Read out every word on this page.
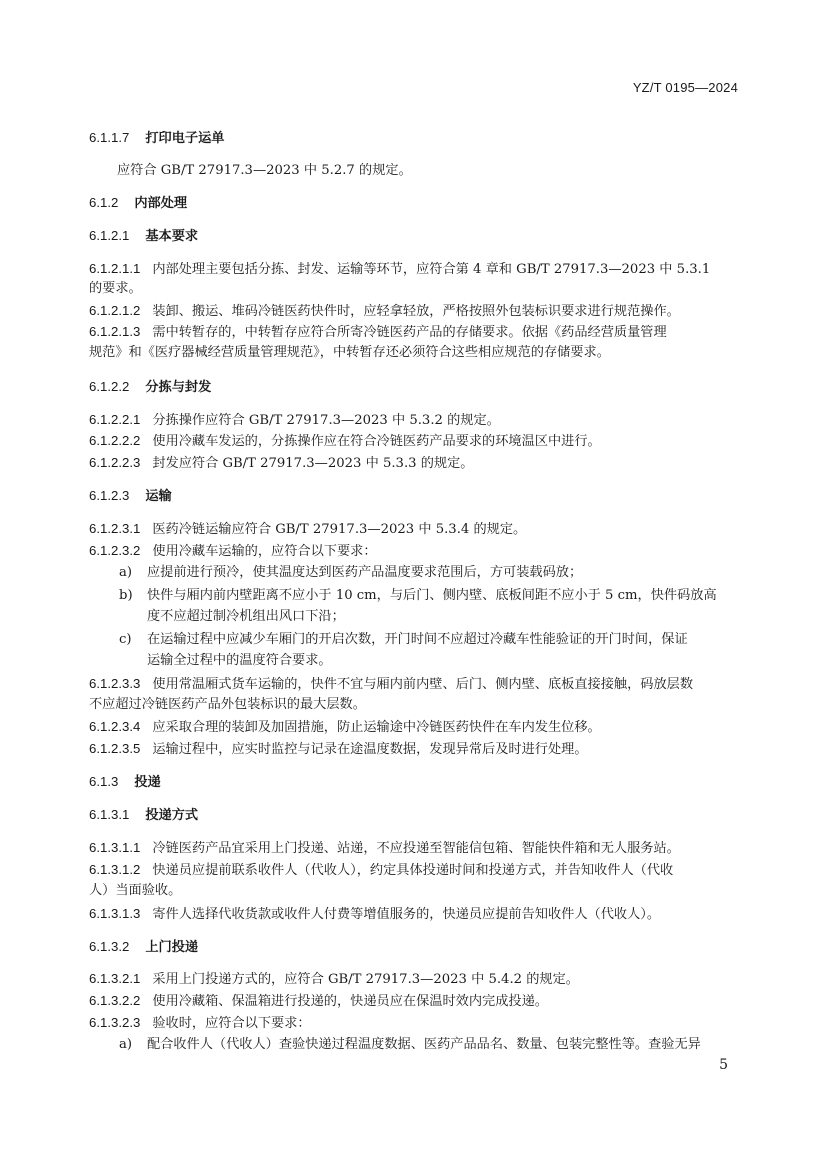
YZ/T 0195—2024
6.1.1.7 打印电子运单
应符合 GB/T 27917.3—2023 中 5.2.7 的规定。
6.1.2 内部处理
6.1.2.1 基本要求
6.1.2.1.1 内部处理主要包括分拣、封发、运输等环节，应符合第 4 章和 GB/T 27917.3—2023 中 5.3.1
的要求。
6.1.2.1.2 装卸、搬运、堆码冷链医药快件时，应轻拿轻放，严格按照外包装标识要求进行规范操作。
6.1.2.1.3 需中转暂存的，中转暂存应符合所寄冷链医药产品的存储要求。依据《药品经营质量管理
规范》和《医疗器械经营质量管理规范》，中转暂存还必须符合这些相应规范的存储要求。
6.1.2.2 分拣与封发
6.1.2.2.1 分拣操作应符合 GB/T 27917.3—2023 中 5.3.2 的规定。
6.1.2.2.2 使用冷藏车发运的，分拣操作应在符合冷链医药产品要求的环境温区中进行。
6.1.2.2.3 封发应符合 GB/T 27917.3—2023 中 5.3.3 的规定。
6.1.2.3 运输
6.1.2.3.1 医药冷链运输应符合 GB/T 27917.3—2023 中 5.3.4 的规定。
6.1.2.3.2 使用冷藏车运输的，应符合以下要求：
a) 应提前进行预冷，使其温度达到医药产品温度要求范围后，方可装载码放；
b) 快件与厢内前内壁距离不应小于 10 cm，与后门、侧内壁、底板间距不应小于 5 cm，快件码放高
度不应超过制冷机组出风口下沿；
c) 在运输过程中应减少车厢门的开启次数，开门时间不应超过冷藏车性能验证的开门时间，保证
运输全过程中的温度符合要求。
6.1.2.3.3 使用常温厢式货车运输的，快件不宜与厢内前内壁、后门、侧内壁、底板直接接触，码放层数
不应超过冷链医药产品外包装标识的最大层数。
6.1.2.3.4 应采取合理的装卸及加固措施，防止运输途中冷链医药快件在车内发生位移。
6.1.2.3.5 运输过程中，应实时监控与记录在途温度数据，发现异常后及时进行处理。
6.1.3 投递
6.1.3.1 投递方式
6.1.3.1.1 冷链医药产品宜采用上门投递、站递，不应投递至智能信包箱、智能快件箱和无人服务站。
6.1.3.1.2 快递员应提前联系收件人（代收人），约定具体投递时间和投递方式，并告知收件人（代收
人）当面验收。
6.1.3.1.3 寄件人选择代收货款或收件人付费等增值服务的，快递员应提前告知收件人（代收人）。
6.1.3.2 上门投递
6.1.3.2.1 采用上门投递方式的，应符合 GB/T 27917.3—2023 中 5.4.2 的规定。
6.1.3.2.2 使用冷藏箱、保温箱进行投递的，快递员应在保温时效内完成投递。
6.1.3.2.3 验收时，应符合以下要求：
a) 配合收件人（代收人）查验快递过程温度数据、医药产品品名、数量、包装完整性等。查验无异
5
